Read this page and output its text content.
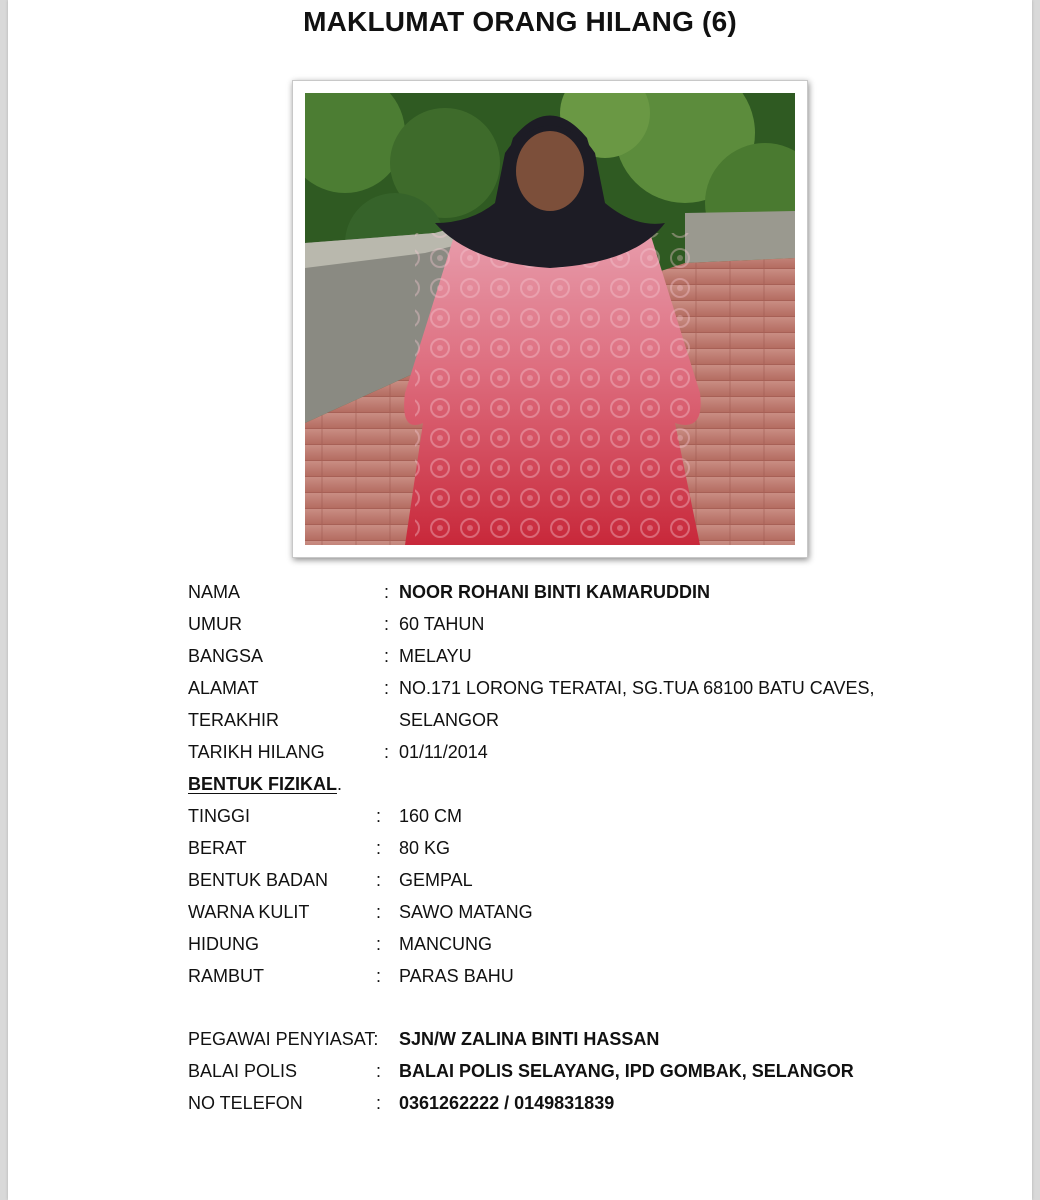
MAKLUMAT ORANG HILANG (6)
NAMA	: NOOR ROHANI BINTI KAMARUDDIN
UMUR	: 60 TAHUN
BANGSA	: MELAYU
ALAMAT	: NO.171 LORONG TERATAI, SG.TUA 68100 BATU CAVES,
TERAKHIR	SELANGOR
TARIKH HILANG	: 01/11/2014
BENTUK FIZIKAL.
TINGGI	: 160 CM
BERAT	: 80 KG
BENTUK BADAN	: GEMPAL
WARNA KULIT	: SAWO MATANG
HIDUNG	: MANCUNG
RAMBUT	: PARAS BAHU
PEGAWAI PENYIASAT: SJN/W ZALINA BINTI HASSAN
BALAI POLIS	: BALAI POLIS SELAYANG, IPD GOMBAK, SELANGOR
NO TELEFON	: 0361262222 / 0149831839
